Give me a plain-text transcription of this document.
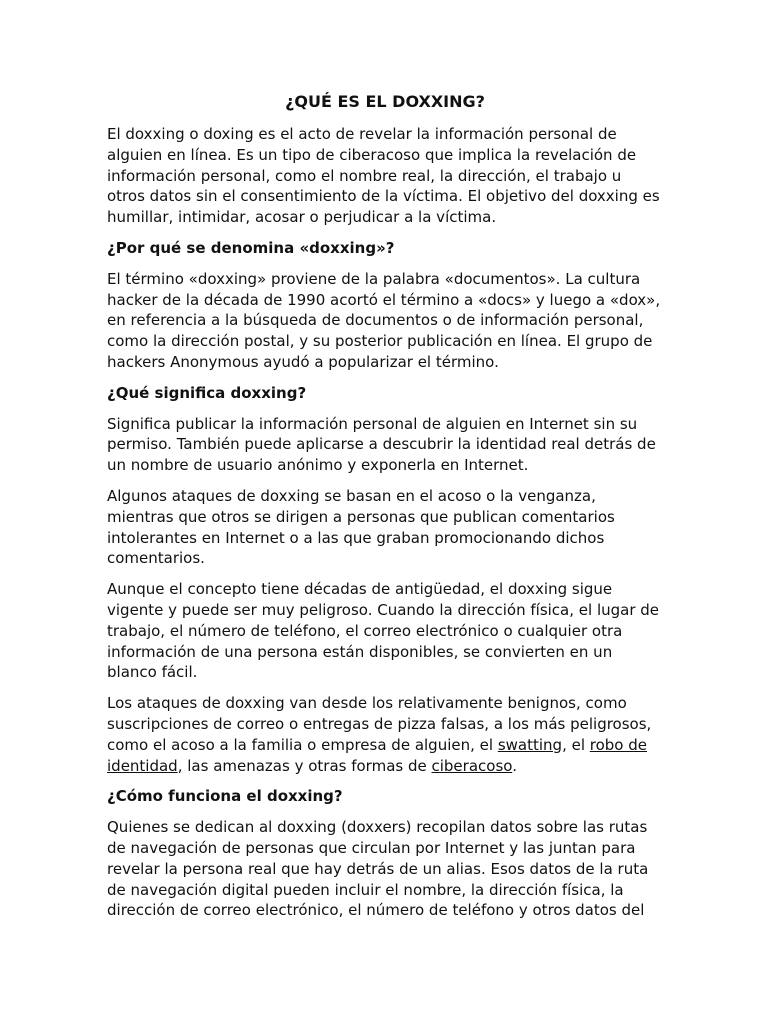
¿QUÉ ES EL DOXXING?

El doxxing o doxing es el acto de revelar la información personal de alguien en línea. Es un tipo de ciberacoso que implica la revelación de información personal, como el nombre real, la dirección, el trabajo u otros datos sin el consentimiento de la víctima. El objetivo del doxxing es humillar, intimidar, acosar o perjudicar a la víctima.

¿Por qué se denomina «doxxing»?

El término «doxxing» proviene de la palabra «documentos». La cultura hacker de la década de 1990 acortó el término a «docs» y luego a «dox», en referencia a la búsqueda de documentos o de información personal, como la dirección postal, y su posterior publicación en línea. El grupo de hackers Anonymous ayudó a popularizar el término.

¿Qué significa doxxing?

Significa publicar la información personal de alguien en Internet sin su permiso. También puede aplicarse a descubrir la identidad real detrás de un nombre de usuario anónimo y exponerla en Internet.

Algunos ataques de doxxing se basan en el acoso o la venganza, mientras que otros se dirigen a personas que publican comentarios intolerantes en Internet o a las que graban promocionando dichos comentarios.

Aunque el concepto tiene décadas de antigüedad, el doxxing sigue vigente y puede ser muy peligroso. Cuando la dirección física, el lugar de trabajo, el número de teléfono, el correo electrónico o cualquier otra información de una persona están disponibles, se convierten en un blanco fácil.

Los ataques de doxxing van desde los relativamente benignos, como suscripciones de correo o entregas de pizza falsas, a los más peligrosos, como el acoso a la familia o empresa de alguien, el swatting, el robo de identidad, las amenazas y otras formas de ciberacoso.

¿Cómo funciona el doxxing?

Quienes se dedican al doxxing (doxxers) recopilan datos sobre las rutas de navegación de personas que circulan por Internet y las juntan para revelar la persona real que hay detrás de un alias. Esos datos de la ruta de navegación digital pueden incluir el nombre, la dirección física, la dirección de correo electrónico, el número de teléfono y otros datos del
